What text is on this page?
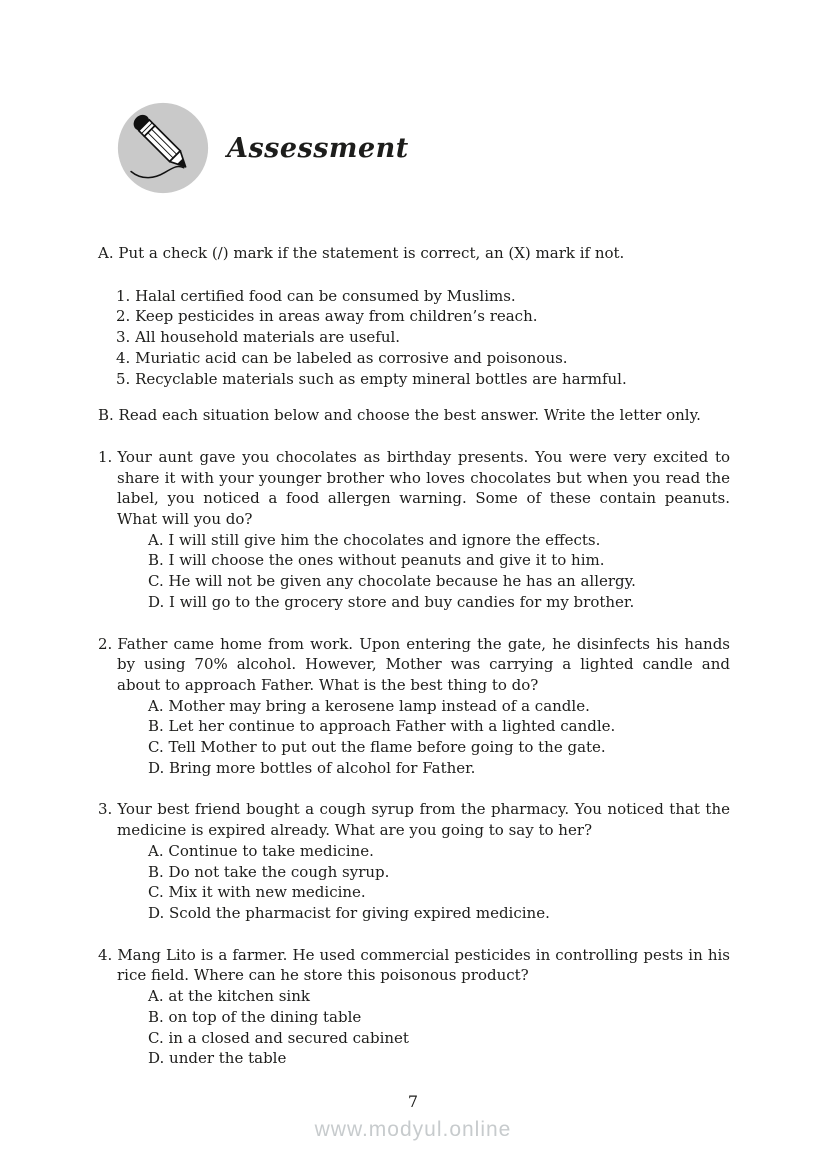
Assessment
A. Put a check (/) mark if the statement is correct, an (X) mark if not.
1. Halal certified food can be consumed by Muslims.
2. Keep pesticides in areas away from children’s reach.
3. All household materials are useful.
4. Muriatic acid can be labeled as corrosive and poisonous.
5. Recyclable materials such as empty mineral bottles are harmful.
B. Read each situation below and choose the best answer. Write the letter only.
1. Your aunt gave you chocolates as birthday presents. You were very excited to share it with your younger brother who loves chocolates but when you read the label, you noticed a food allergen warning. Some of these contain peanuts. What will you do?
A. I will still give him the chocolates and ignore the effects.
B. I will choose the ones without peanuts and give it to him.
C. He will not be given any chocolate because he has an allergy.
D. I will go to the grocery store and buy candies for my brother.
2. Father came home from work. Upon entering the gate, he disinfects his hands by using 70% alcohol. However, Mother was carrying a lighted candle and about to approach Father. What is the best thing to do?
A. Mother may bring a kerosene lamp instead of a candle.
B. Let her continue to approach Father with a lighted candle.
C. Tell Mother to put out the flame before going to the gate.
D. Bring more bottles of alcohol for Father.
3. Your best friend bought a cough syrup from the pharmacy. You noticed that the medicine is expired already. What are you going to say to her?
A. Continue to take medicine.
B. Do not take the cough syrup.
C. Mix it with new medicine.
D. Scold the pharmacist for giving expired medicine.
4. Mang Lito is a farmer. He used commercial pesticides in controlling pests in his rice field. Where can he store this poisonous product?
A. at the kitchen sink
B. on top of the dining table
C. in a closed and secured cabinet
D. under the table
7
www.modyul.online
